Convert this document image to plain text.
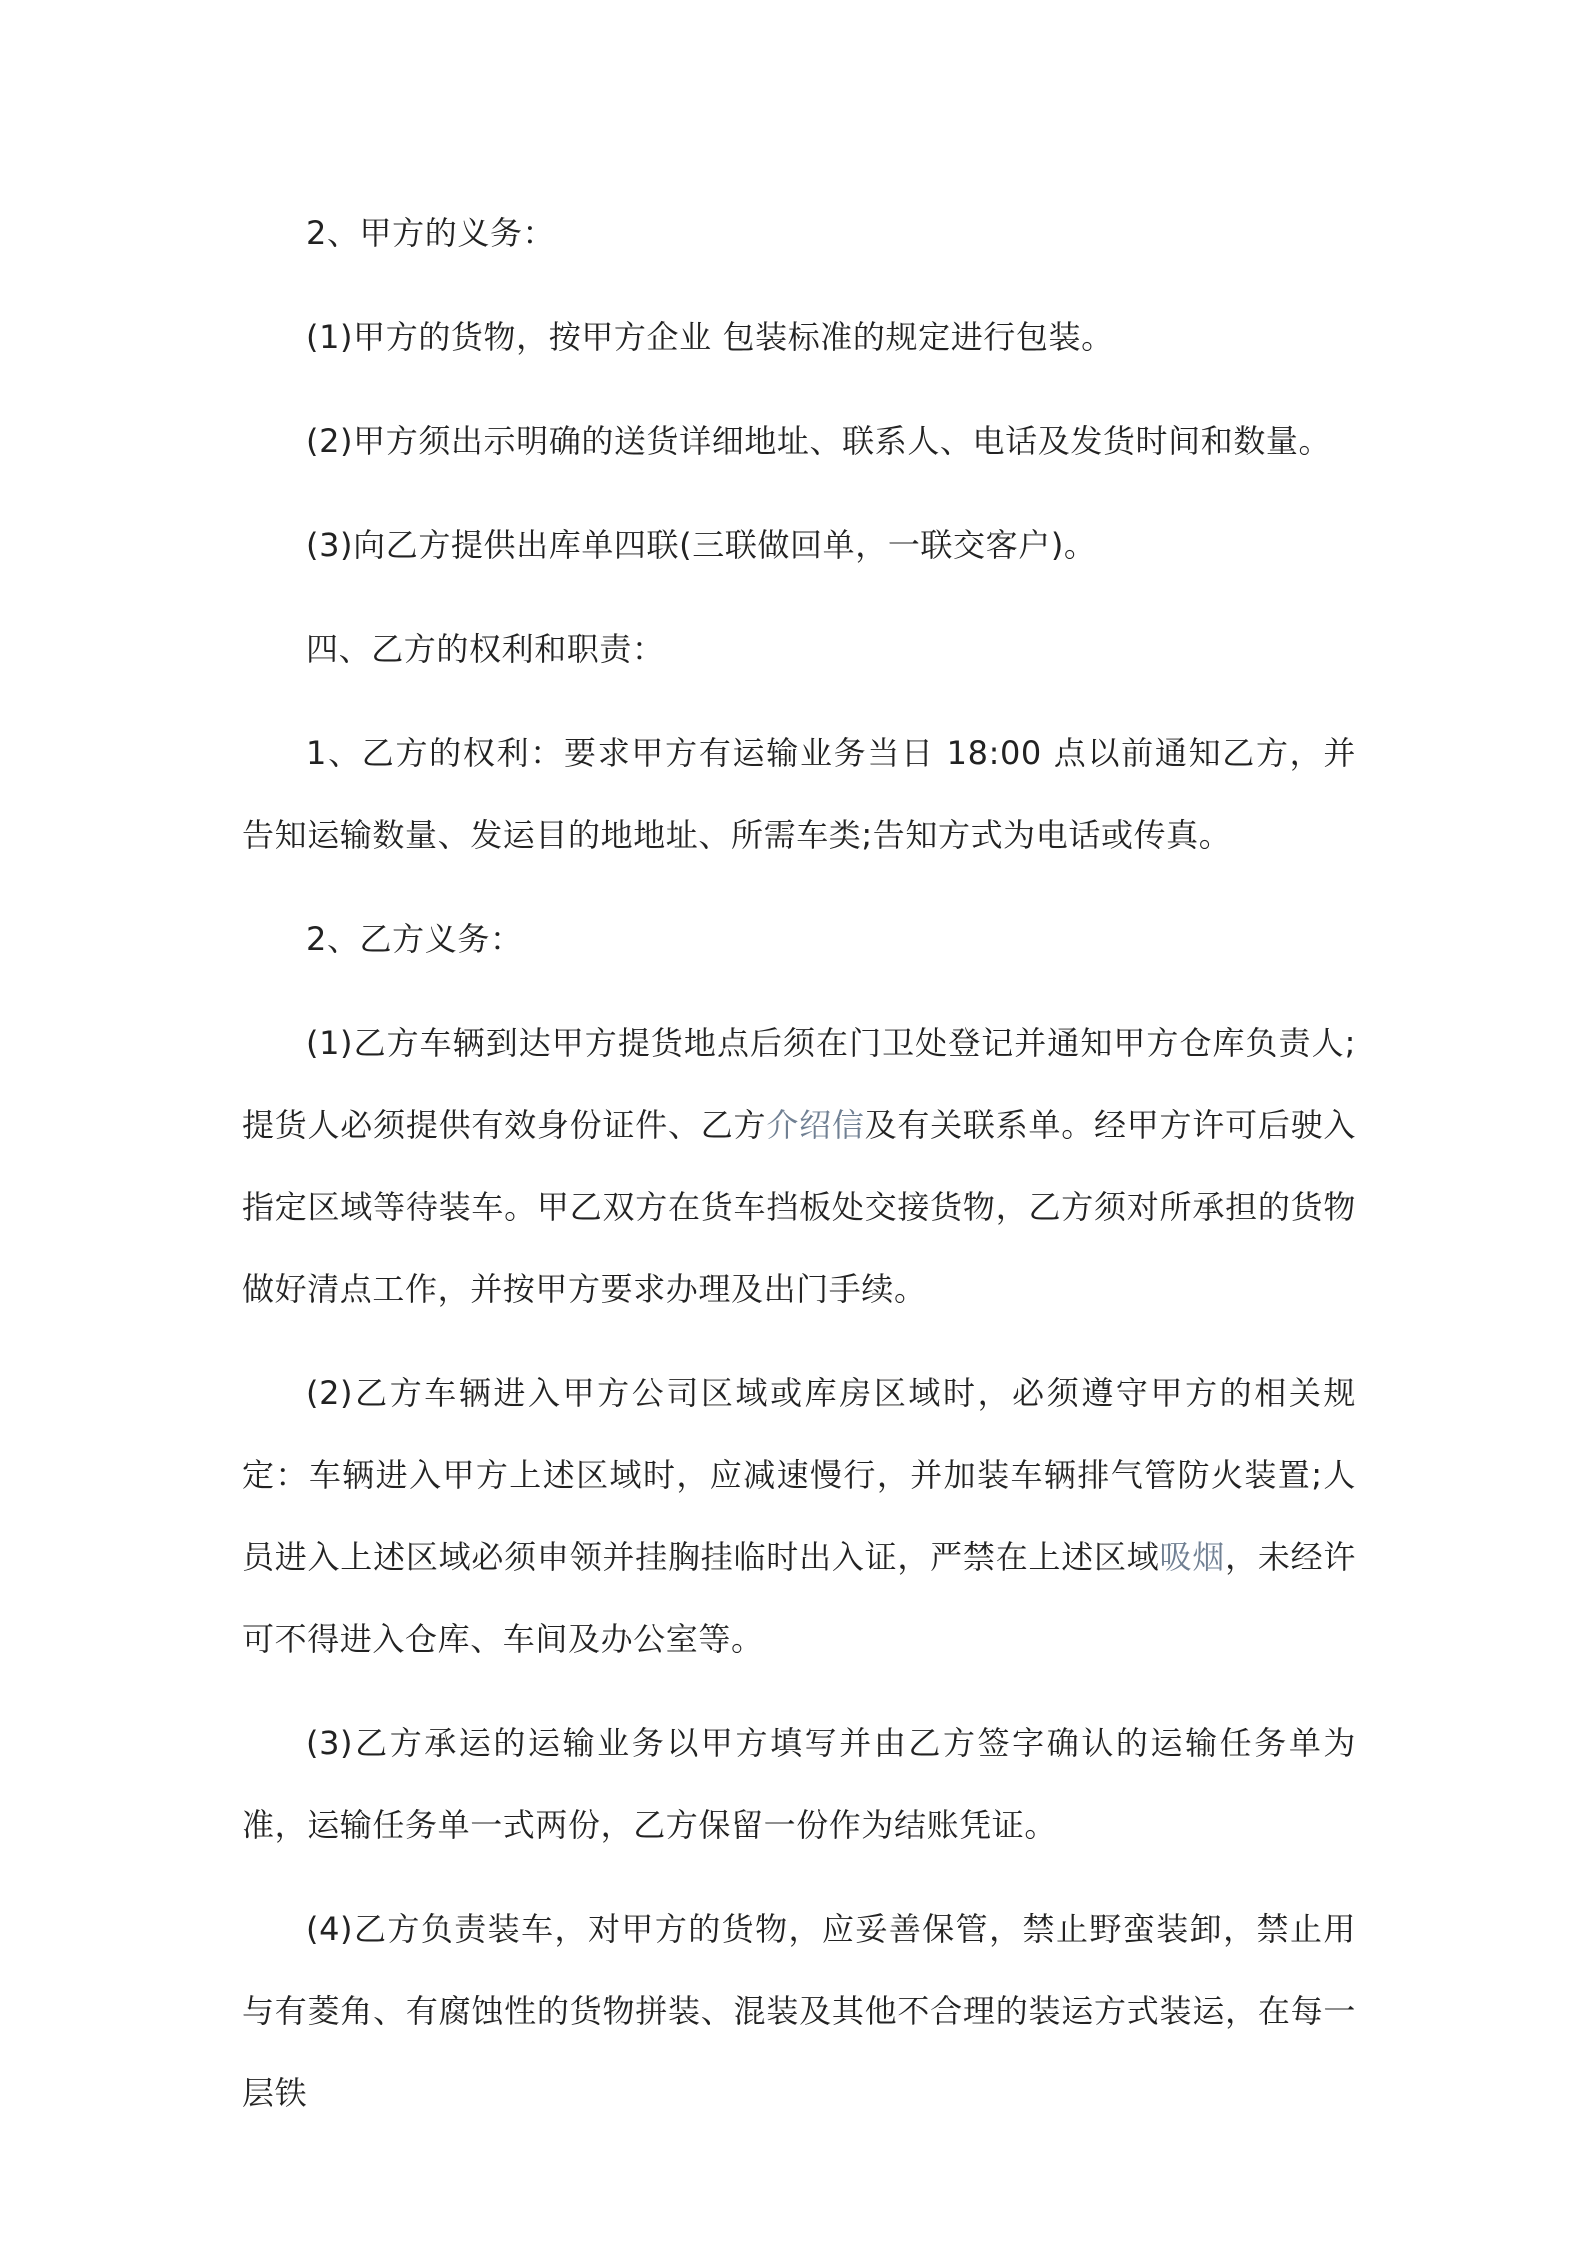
2、甲方的义务：

(1)甲方的货物，按甲方企业 包装标准的规定进行包装。

(2)甲方须出示明确的送货详细地址、联系人、电话及发货时间和数量。

(3)向乙方提供出库单四联(三联做回单，一联交客户)。

四、乙方的权利和职责：

1、乙方的权利：要求甲方有运输业务当日 18:00 点以前通知乙方，并告知运输数量、发运目的地地址、所需车类;告知方式为电话或传真。

2、乙方义务：

(1)乙方车辆到达甲方提货地点后须在门卫处登记并通知甲方仓库负责人;提货人必须提供有效身份证件、乙方介绍信及有关联系单。经甲方许可后驶入指定区域等待装车。甲乙双方在货车挡板处交接货物，乙方须对所承担的货物做好清点工作，并按甲方要求办理及出门手续。

(2)乙方车辆进入甲方公司区域或库房区域时，必须遵守甲方的相关规定：车辆进入甲方上述区域时，应减速慢行，并加装车辆排气管防火装置;人员进入上述区域必须申领并挂胸挂临时出入证，严禁在上述区域吸烟，未经许可不得进入仓库、车间及办公室等。

(3)乙方承运的运输业务以甲方填写并由乙方签字确认的运输任务单为准，运输任务单一式两份，乙方保留一份作为结账凭证。

(4)乙方负责装车，对甲方的货物，应妥善保管，禁止野蛮装卸，禁止用与有菱角、有腐蚀性的货物拼装、混装及其他不合理的装运方式装运，在每一层铁
